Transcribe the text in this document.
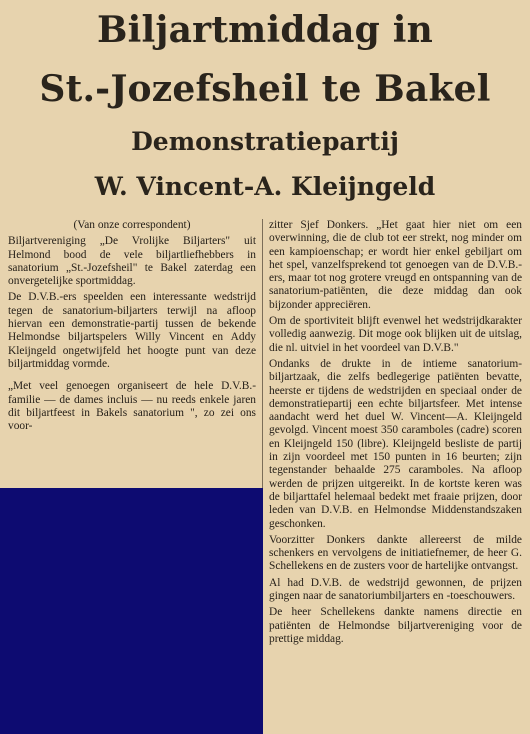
Biljartmiddag in
St.-Jozefsheil te Bakel
Demonstratiepartij
W. Vincent-A. Kleijngeld

(Van onze correspondent)

Biljartvereniging „De Vrolijke Biljarters" uit Helmond bood de vele biljartliefhebbers in sanatorium „St.-Jozefsheil" te Bakel zaterdag een onvergetelijke sportmiddag.

De D.V.B.-ers speelden een interessante wedstrijd tegen de sanatorium-biljarters terwijl na afloop hiervan een demonstratie-partij tussen de bekende Helmondse biljartspelers Willy Vincent en Addy Kleijngeld ongetwijfeld het hoogte punt van deze biljartmiddag vormde.

„Met veel genoegen organiseert de hele D.V.B.-familie — de dames incluis — nu reeds enkele jaren dit biljartfeest in Bakels sanatorium ", zo zei ons voor-

zitter Sjef Donkers. „Het gaat hier niet om een overwinning, die de club tot eer strekt, nog minder om een kampioenschap; er wordt hier enkel gebiljart om het spel, vanzelfsprekend tot genoegen van de D.V.B.-ers, maar tot nog grotere vreugd en ontspanning van de sanatorium-patiënten, die deze middag dan ook bijzonder appreciëren.

Om de sportiviteit blijft evenwel het wedstrijdkarakter volledig aanwezig. Dit moge ook blijken uit de uitslag, die nl. uitviel in het voordeel van D.V.B."

Ondanks de drukte in de intieme sanatorium-biljartzaak, die zelfs bedlegerige patiënten bevatte, heerste er tijdens de wedstrijden en speciaal onder de demonstratiepartij een echte biljartsfeer. Met intense aandacht werd het duel W. Vincent—A. Kleijngeld gevolgd. Vincent moest 350 caramboles (cadre) scoren en Kleijngeld 150 (libre). Kleijngeld besliste de partij in zijn voordeel met 150 punten in 16 beurten; zijn tegenstander behaalde 275 caramboles. Na afloop werden de prijzen uitgereikt. In de kortste keren was de biljarttafel helemaal bedekt met fraaie prijzen, door leden van D.V.B. en Helmondse Middenstandszaken geschonken.

Voorzitter Donkers dankte allereerst de milde schenkers en vervolgens de initiatiefnemer, de heer G. Schellekens en de zusters voor de hartelijke ontvangst.

Al had D.V.B. de wedstrijd gewonnen, de prijzen gingen naar de sanatoriumbiljarters en -toeschouwers.

De heer Schellekens dankte namens directie en patiënten de Helmondse biljartvereniging voor de prettige middag.
